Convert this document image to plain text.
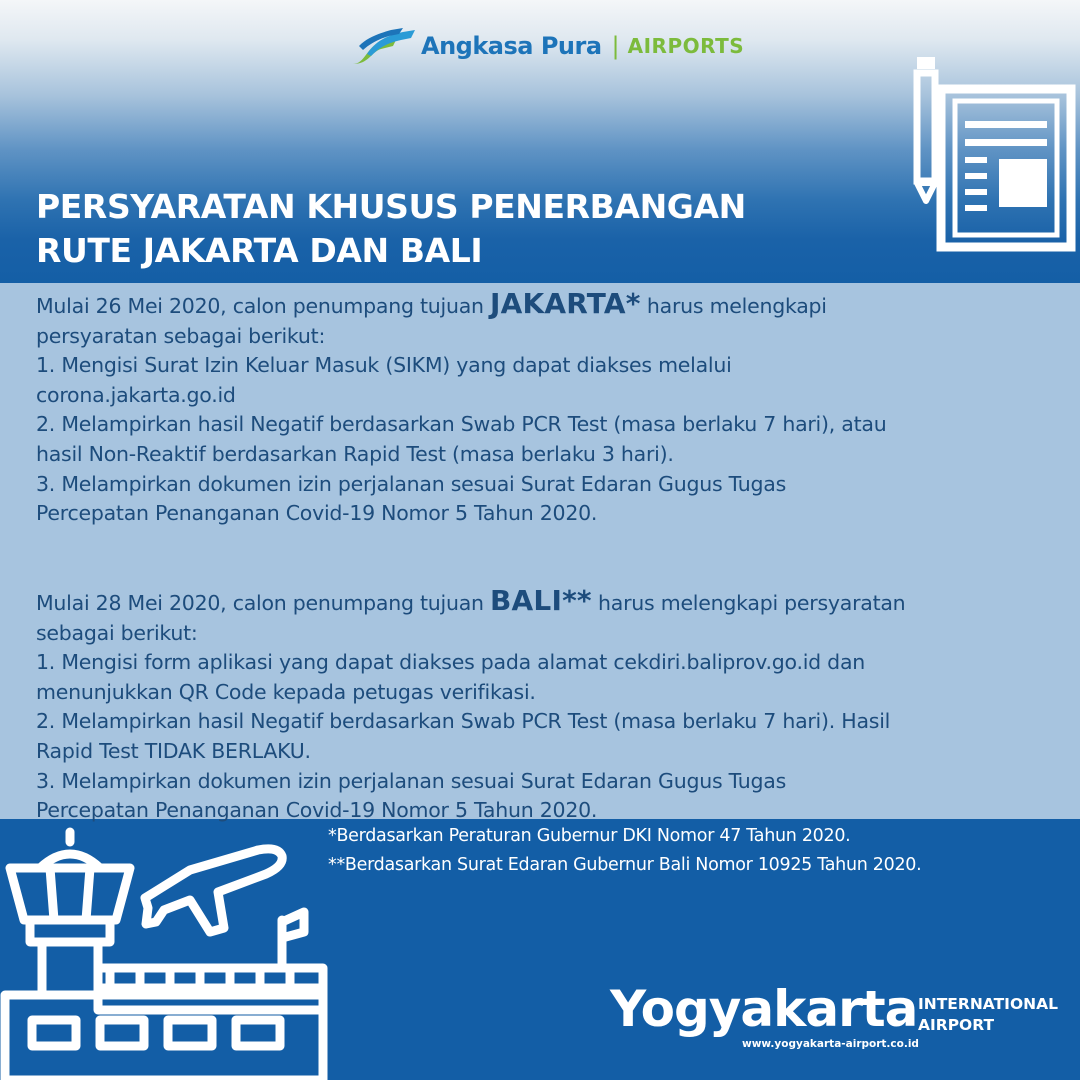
Angkasa Pura | AIRPORTS
PERSYARATAN KHUSUS PENERBANGAN
RUTE JAKARTA DAN BALI

Mulai 26 Mei 2020, calon penumpang tujuan JAKARTA* harus melengkapi

persyaratan sebagai berikut:

1. Mengisi Surat Izin Keluar Masuk (SIKM) yang dapat diakses melalui

corona.jakarta.go.id

2. Melampirkan hasil Negatif berdasarkan Swab PCR Test (masa berlaku 7 hari), atau

hasil Non-Reaktif berdasarkan Rapid Test (masa berlaku 3 hari).

3. Melampirkan dokumen izin perjalanan sesuai Surat Edaran Gugus Tugas

Percepatan Penanganan Covid-19 Nomor 5 Tahun 2020.

Mulai 28 Mei 2020, calon penumpang tujuan BALI** harus melengkapi persyaratan

sebagai berikut:

1. Mengisi form aplikasi yang dapat diakses pada alamat cekdiri.baliprov.go.id dan

menunjukkan QR Code kepada petugas verifikasi.

2. Melampirkan hasil Negatif berdasarkan Swab PCR Test (masa berlaku 7 hari). Hasil

Rapid Test TIDAK BERLAKU.

3. Melampirkan dokumen izin perjalanan sesuai Surat Edaran Gugus Tugas

Percepatan Penanganan Covid-19 Nomor 5 Tahun 2020.

*Berdasarkan Peraturan Gubernur DKI Nomor 47 Tahun 2020.

**Berdasarkan Surat Edaran Gubernur Bali Nomor 10925 Tahun 2020.

Yogyakarta INTERNATIONAL
AIRPORT
www.yogyakarta-airport.co.id
